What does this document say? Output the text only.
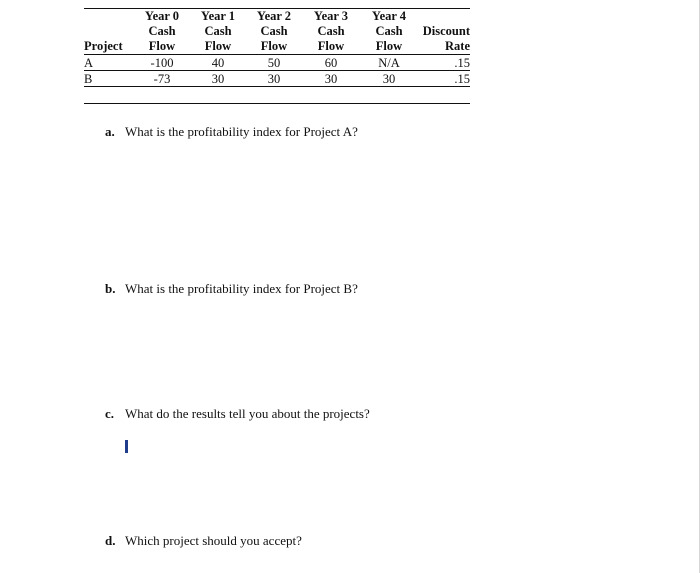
	Year 0	Year 1	Year 2	Year 3	Year 4	
	Cash	Cash	Cash	Cash	Cash	Discount
Project	Flow	Flow	Flow	Flow	Flow	Rate
A	-100	40	50	60	N/A	.15
B	-73	30	30	30	30	.15
a. What is the profitability index for Project A?
b. What is the profitability index for Project B?
c. What do the results tell you about the projects?
d. Which project should you accept?
